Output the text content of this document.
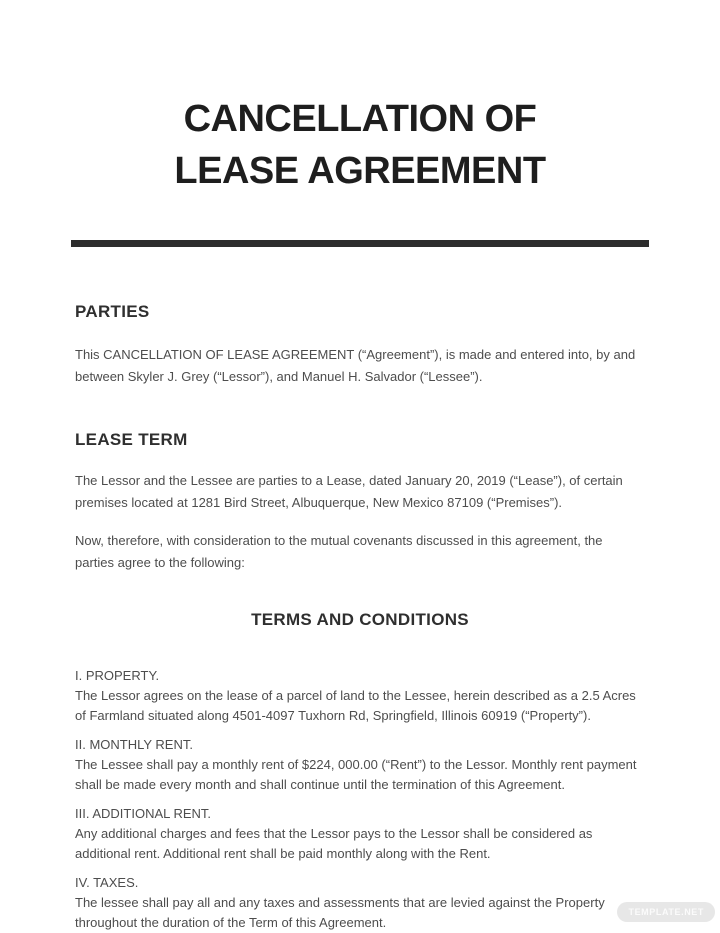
CANCELLATION OF
LEASE AGREEMENT
PARTIES

This CANCELLATION OF LEASE AGREEMENT (“Agreement”), is made and entered into, by and between Skyler J. Grey (“Lessor”), and Manuel H. Salvador (“Lessee”).

LEASE TERM

The Lessor and the Lessee are parties to a Lease, dated January 20, 2019 (“Lease”), of certain premises located at 1281 Bird Street, Albuquerque, New Mexico 87109 (“Premises”).

Now, therefore, with consideration to the mutual covenants discussed in this agreement, the parties agree to the following:

TERMS AND CONDITIONS
I. PROPERTY.
The Lessor agrees on the lease of a parcel of land to the Lessee, herein described as a 2.5 Acres of Farmland situated along 4501-4097 Tuxhorn Rd, Springfield, Illinois 60919 (“Property”).
II. MONTHLY RENT.
The Lessee shall pay a monthly rent of $224, 000.00 (“Rent”) to the Lessor. Monthly rent payment shall be made every month and shall continue until the termination of this Agreement.
III. ADDITIONAL RENT.
Any additional charges and fees that the Lessor pays to the Lessor shall be considered as additional rent. Additional rent shall be paid monthly along with the Rent.
IV. TAXES.
The lessee shall pay all and any taxes and assessments that are levied against the Property throughout the duration of the Term of this Agreement.
TEMPLATE.NET
